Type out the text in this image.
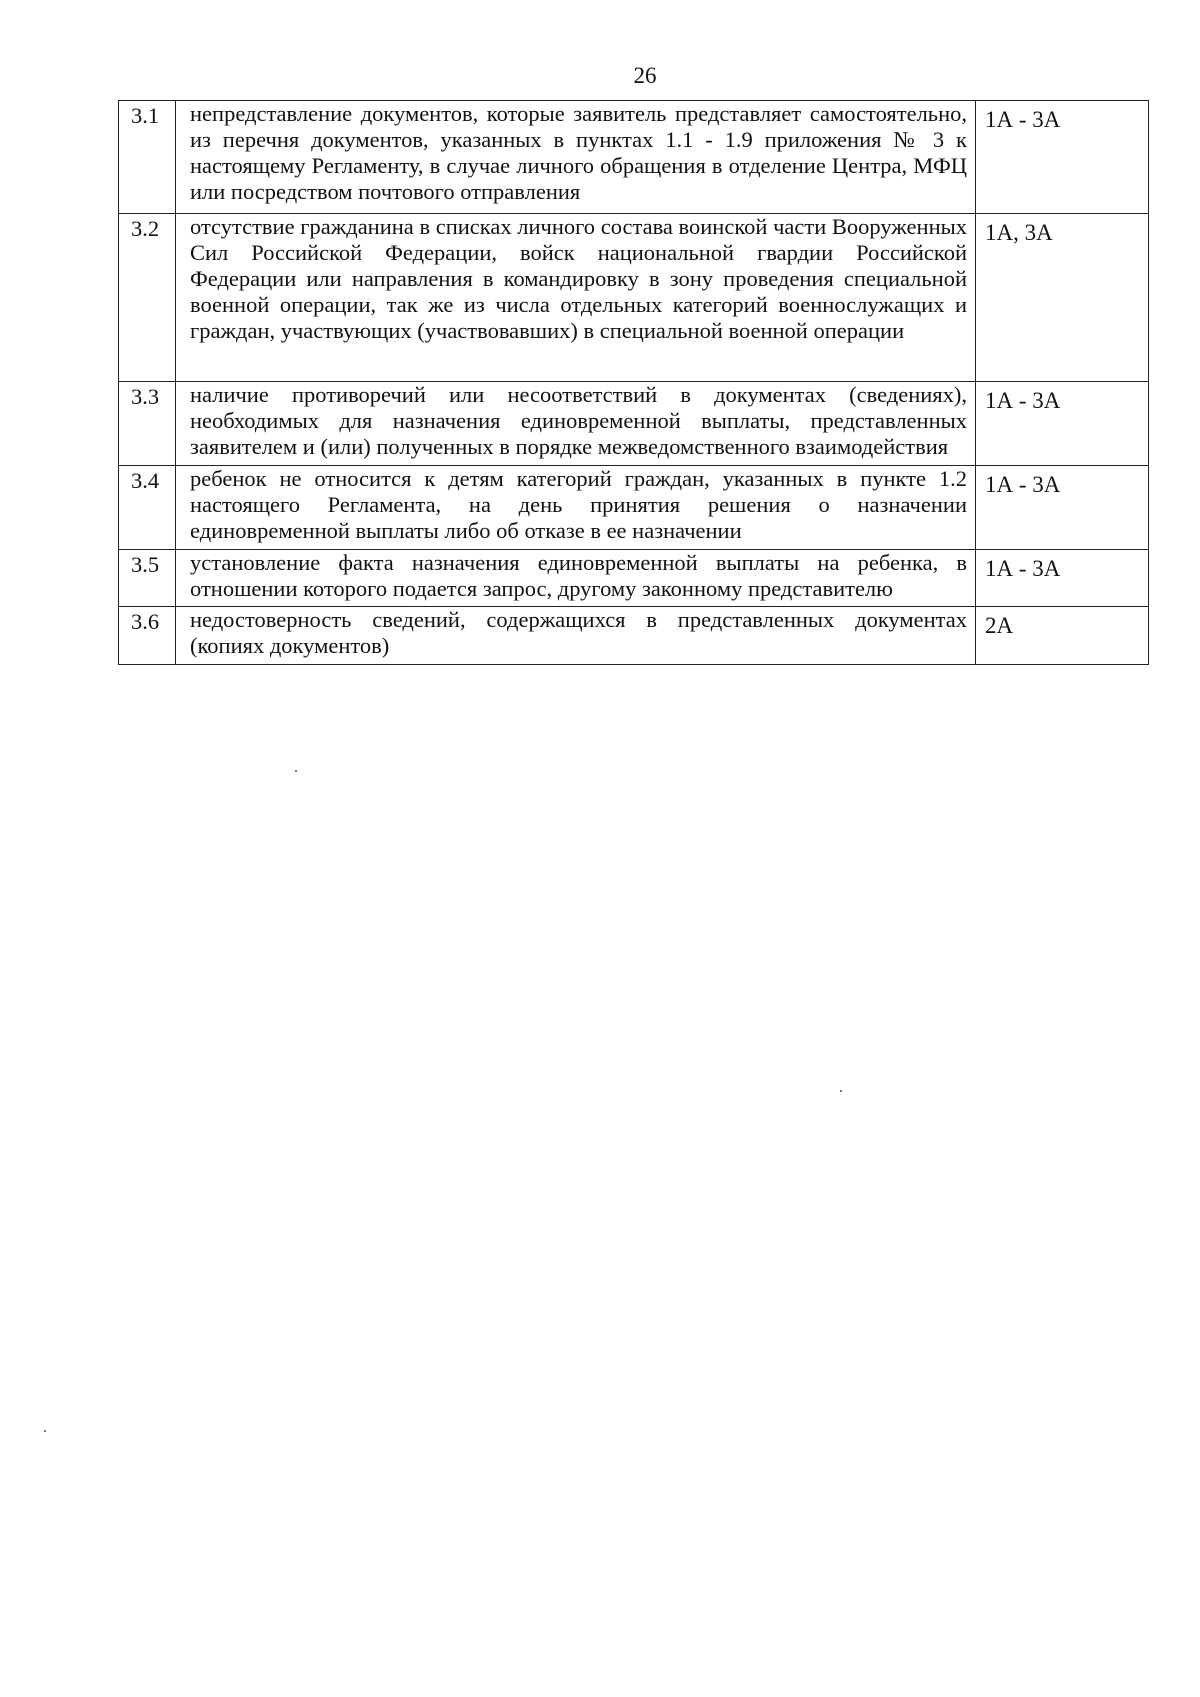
26
3.1	непредставление документов, которые заявитель представляет самостоятельно, из перечня документов, указанных в пунктах 1.1 - 1.9 приложения № 3 к настоящему Регламенту, в случае личного обращения в отделение Центра, МФЦ или посредством почтового отправления	1А - 3А
3.2	отсутствие гражданина в списках личного состава воинской части Вооруженных Сил Российской Федерации, войск национальной гвардии Российской Федерации или направления в командировку в зону проведения специальной военной операции, так же из числа отдельных категорий военнослужащих и граждан, участвующих (участвовавших) в специальной военной операции	1А, 3А
3.3	наличие противоречий или несоответствий в документах (сведениях), необходимых для назначения единовременной выплаты, представленных заявителем и (или) полученных в порядке межведомственного взаимодействия	1А - 3А
3.4	ребенок не относится к детям категорий граждан, указанных в пункте 1.2 настоящего Регламента, на день принятия решения о назначении единовременной выплаты либо об отказе в ее назначении	1А - 3А
3.5	установление факта назначения единовременной выплаты на ребенка, в отношении которого подается запрос, другому законному представителю	1А - 3А
3.6	недостоверность сведений, содержащихся в представленных документах (копиях документов)	2А
